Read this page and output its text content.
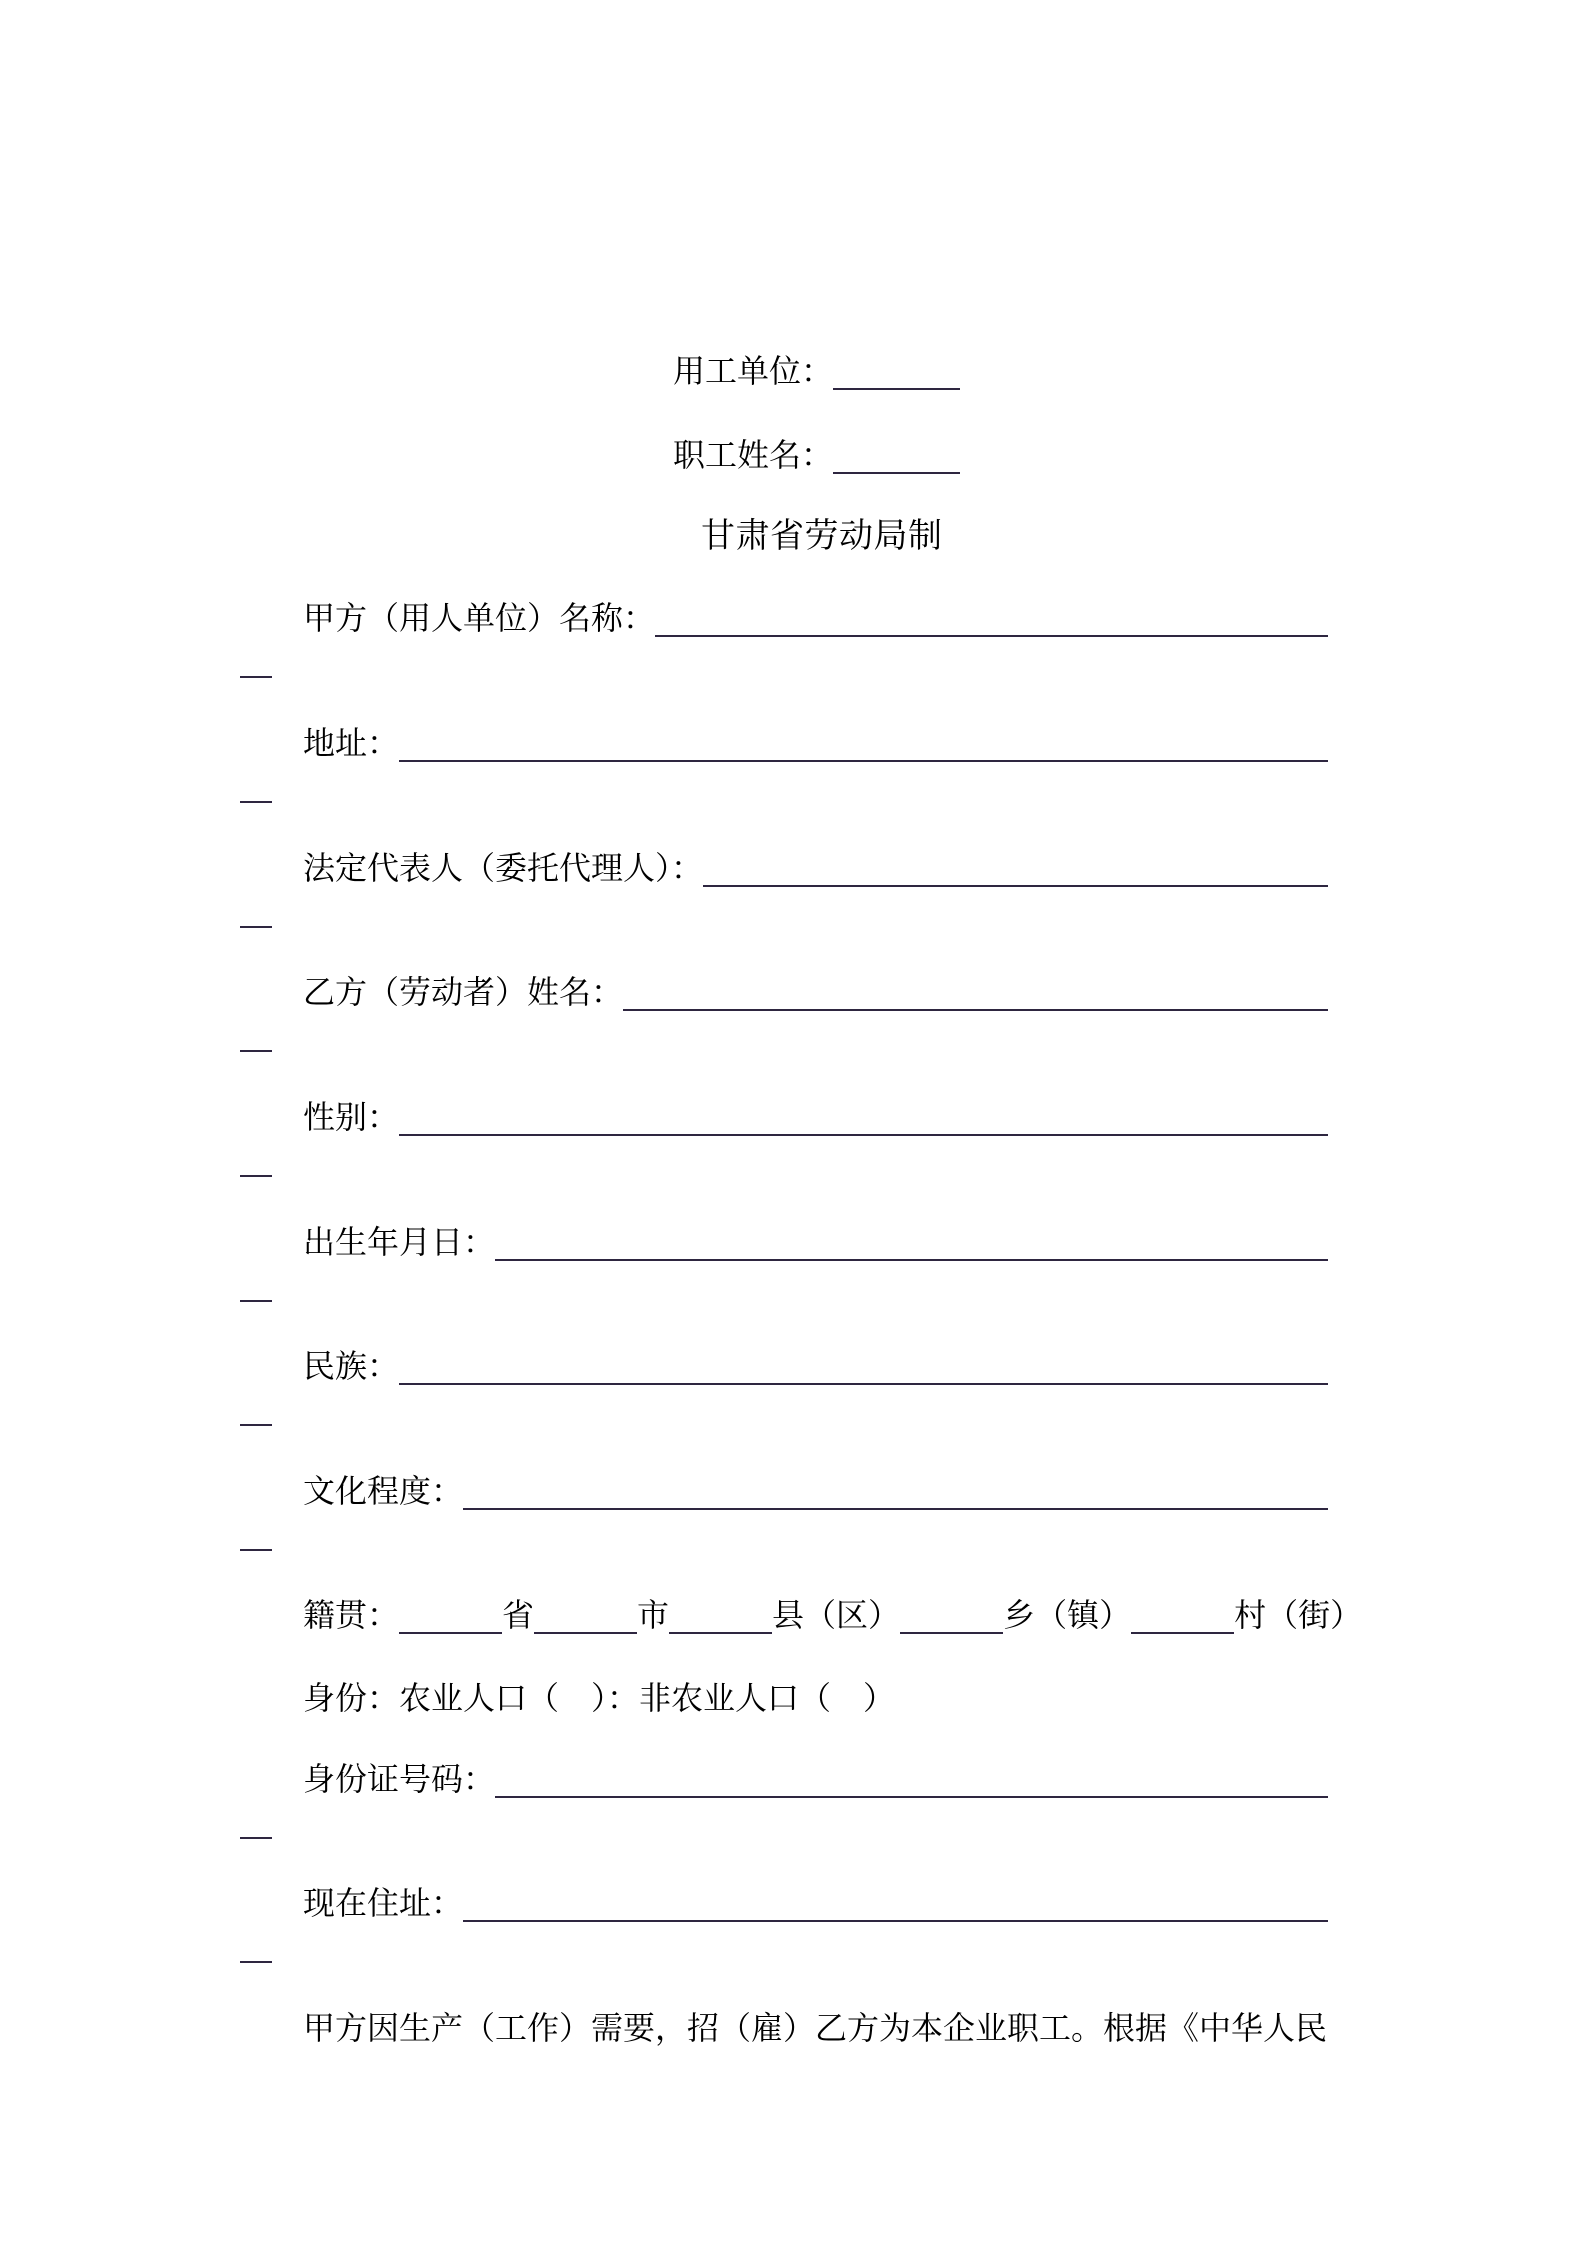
用工单位：
职工姓名：
甘肃省劳动局制
甲方（用人单位）名称：
地址：
法定代表人（委托代理人）：
乙方（劳动者）姓名：
性别：
出生年月日：
民族：
文化程度：
籍贯：	省	市	县（区）	乡（镇）	村（街）
身份：农业人口（　）：非农业人口（　）
身份证号码：
现在住址：
甲方因生产（工作）需要，招（雇）乙方为本企业职工。根据《中华人民
